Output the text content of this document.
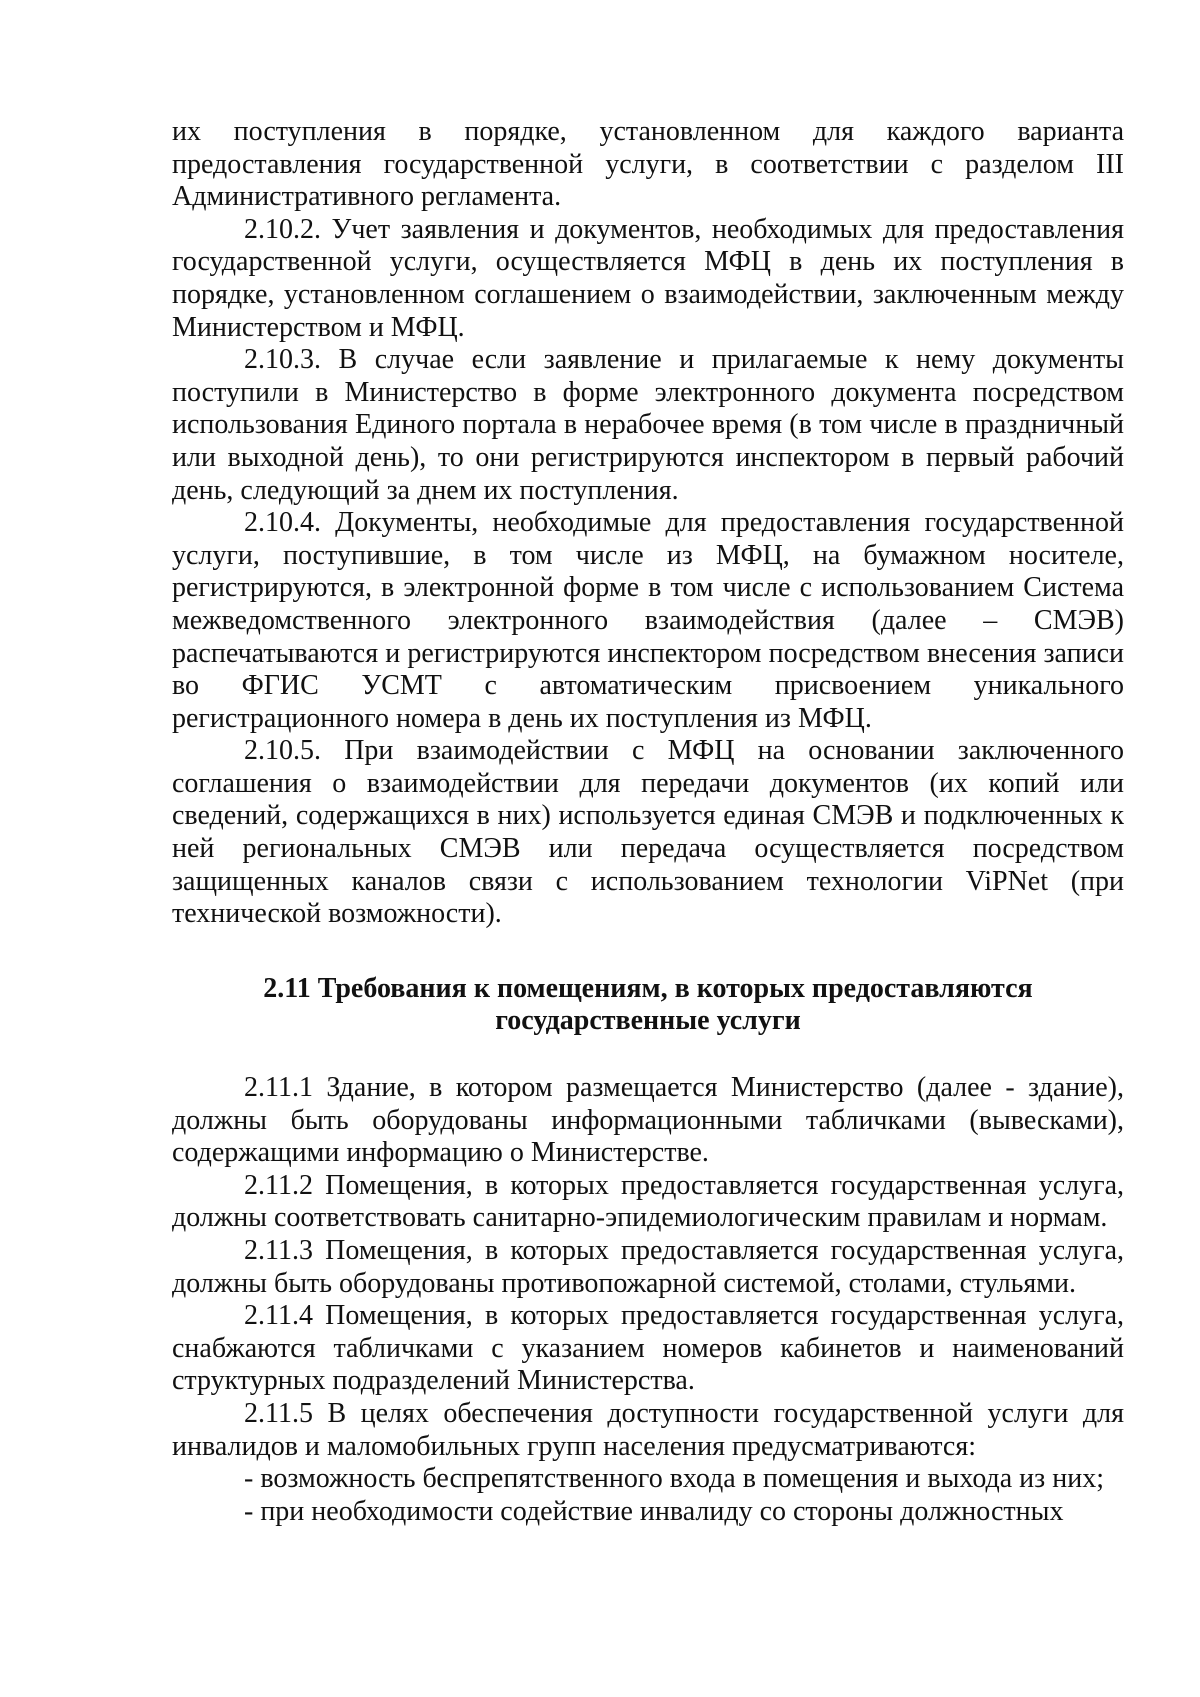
их поступления в порядке, установленном для каждого варианта предоставления государственной услуги, в соответствии с разделом III Административного регламента.

2.10.2. Учет заявления и документов, необходимых для предоставления государственной услуги, осуществляется МФЦ в день их поступления в порядке, установленном соглашением о взаимодействии, заключенным между Министерством и МФЦ.

2.10.3. В случае если заявление и прилагаемые к нему документы поступили в Министерство в форме электронного документа посредством использования Единого портала в нерабочее время (в том числе в праздничный или выходной день), то они регистрируются инспектором в первый рабочий день, следующий за днем их поступления.

2.10.4. Документы, необходимые для предоставления государственной услуги, поступившие, в том числе из МФЦ, на бумажном носителе, регистрируются, в электронной форме в том числе с использованием Система межведомственного электронного взаимодействия (далее – СМЭВ) распечатываются и регистрируются инспектором посредством внесения записи во ФГИС УСМТ с автоматическим присвоением уникального регистрационного номера в день их поступления из МФЦ.

2.10.5. При взаимодействии с МФЦ на основании заключенного соглашения о взаимодействии для передачи документов (их копий или сведений, содержащихся в них) используется единая СМЭВ и подключенных к ней региональных СМЭВ или передача осуществляется посредством защищенных каналов связи с использованием технологии ViPNet (при технической возможности).

2.11 Требования к помещениям, в которых предоставляются
государственные услуги

2.11.1 Здание, в котором размещается Министерство (далее - здание), должны быть оборудованы информационными табличками (вывесками), содержащими информацию о Министерстве.

2.11.2 Помещения, в которых предоставляется государственная услуга, должны соответствовать санитарно-эпидемиологическим правилам и нормам.

2.11.3 Помещения, в которых предоставляется государственная услуга, должны быть оборудованы противопожарной системой, столами, стульями.

2.11.4 Помещения, в которых предоставляется государственная услуга, снабжаются табличками с указанием номеров кабинетов и наименований структурных подразделений Министерства.

2.11.5 В целях обеспечения доступности государственной услуги для инвалидов и маломобильных групп населения предусматриваются:

- возможность беспрепятственного входа в помещения и выхода из них;

- при необходимости содействие инвалиду со стороны должностных
